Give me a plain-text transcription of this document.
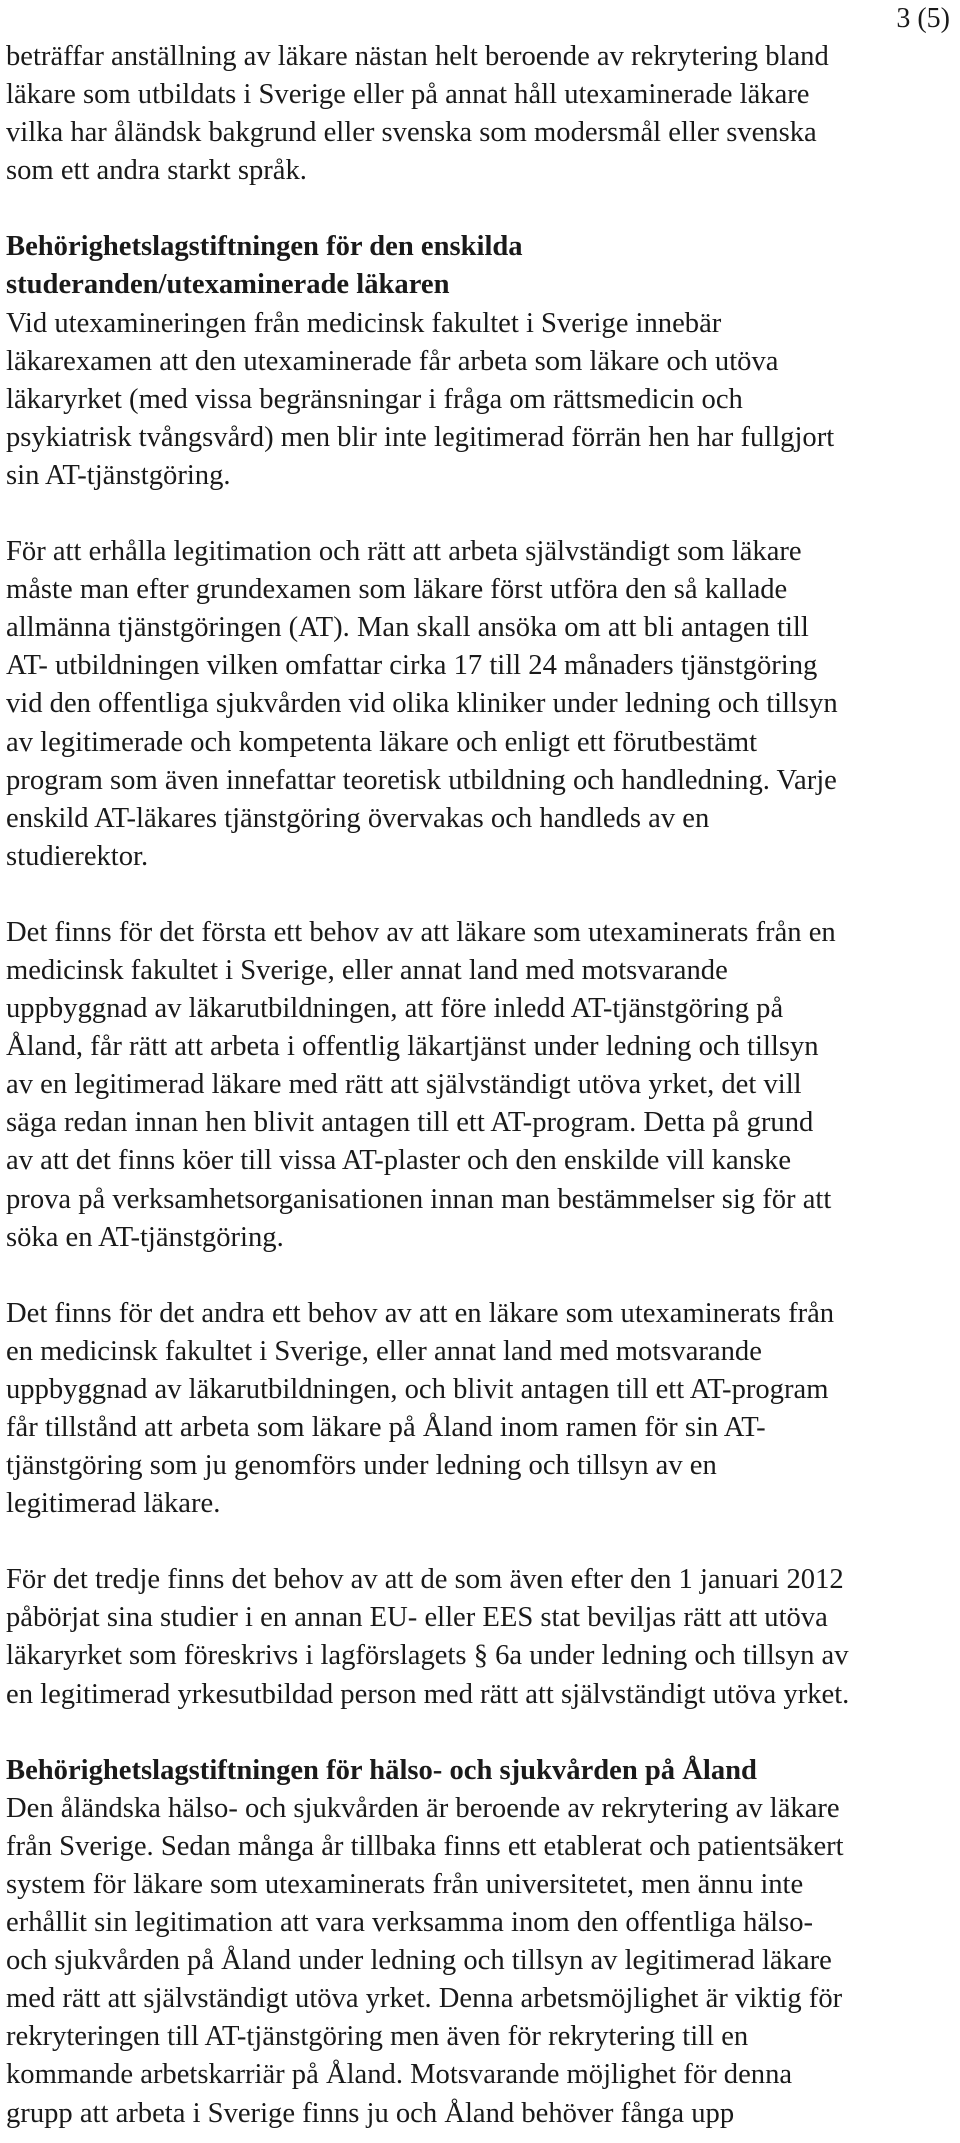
3 (5)

beträffar anställning av läkare nästan helt beroende av rekrytering bland
läkare som utbildats i Sverige eller på annat håll utexaminerade läkare
vilka har åländsk bakgrund eller svenska som modersmål eller svenska
som ett andra starkt språk.

Behörighetslagstiftningen för den enskilda
studeranden/utexaminerade läkaren

Vid utexamineringen från medicinsk fakultet i Sverige innebär
läkarexamen att den utexaminerade får arbeta som läkare och utöva
läkaryrket (med vissa begränsningar i fråga om rättsmedicin och
psykiatrisk tvångsvård) men blir inte legitimerad förrän hen har fullgjort
sin AT-tjänstgöring.

För att erhålla legitimation och rätt att arbeta självständigt som läkare
måste man efter grundexamen som läkare först utföra den så kallade
allmänna tjänstgöringen (AT). Man skall ansöka om att bli antagen till
AT- utbildningen vilken omfattar cirka 17 till 24 månaders tjänstgöring
vid den offentliga sjukvården vid olika kliniker under ledning och tillsyn
av legitimerade och kompetenta läkare och enligt ett förutbestämt
program som även innefattar teoretisk utbildning och handledning. Varje
enskild AT-läkares tjänstgöring övervakas och handleds av en
studierektor.

Det finns för det första ett behov av att läkare som utexaminerats från en
medicinsk fakultet i Sverige, eller annat land med motsvarande
uppbyggnad av läkarutbildningen, att före inledd AT-tjänstgöring på
Åland, får rätt att arbeta i offentlig läkartjänst under ledning och tillsyn
av en legitimerad läkare med rätt att självständigt utöva yrket, det vill
säga redan innan hen blivit antagen till ett AT-program. Detta på grund
av att det finns köer till vissa AT-plaster och den enskilde vill kanske
prova på verksamhetsorganisationen innan man bestämmelser sig för att
söka en AT-tjänstgöring.

Det finns för det andra ett behov av att en läkare som utexaminerats från
en medicinsk fakultet i Sverige, eller annat land med motsvarande
uppbyggnad av läkarutbildningen, och blivit antagen till ett AT-program
får tillstånd att arbeta som läkare på Åland inom ramen för sin AT-
tjänstgöring som ju genomförs under ledning och tillsyn av en
legitimerad läkare.

För det tredje finns det behov av att de som även efter den 1 januari 2012
påbörjat sina studier i en annan EU- eller EES stat beviljas rätt att utöva
läkaryrket som föreskrivs i lagförslagets § 6a under ledning och tillsyn av
en legitimerad yrkesutbildad person med rätt att självständigt utöva yrket.

Behörighetslagstiftningen för hälso- och sjukvården på Åland

Den åländska hälso- och sjukvården är beroende av rekrytering av läkare
från Sverige. Sedan många år tillbaka finns ett etablerat och patientsäkert
system för läkare som utexaminerats från universitetet, men ännu inte
erhållit sin legitimation att vara verksamma inom den offentliga hälso-
och sjukvården på Åland under ledning och tillsyn av legitimerad läkare
med rätt att självständigt utöva yrket. Denna arbetsmöjlighet är viktig för
rekryteringen till AT-tjänstgöring men även för rekrytering till en
kommande arbetskarriär på Åland. Motsvarande möjlighet för denna
grupp att arbeta i Sverige finns ju och Åland behöver fånga upp
